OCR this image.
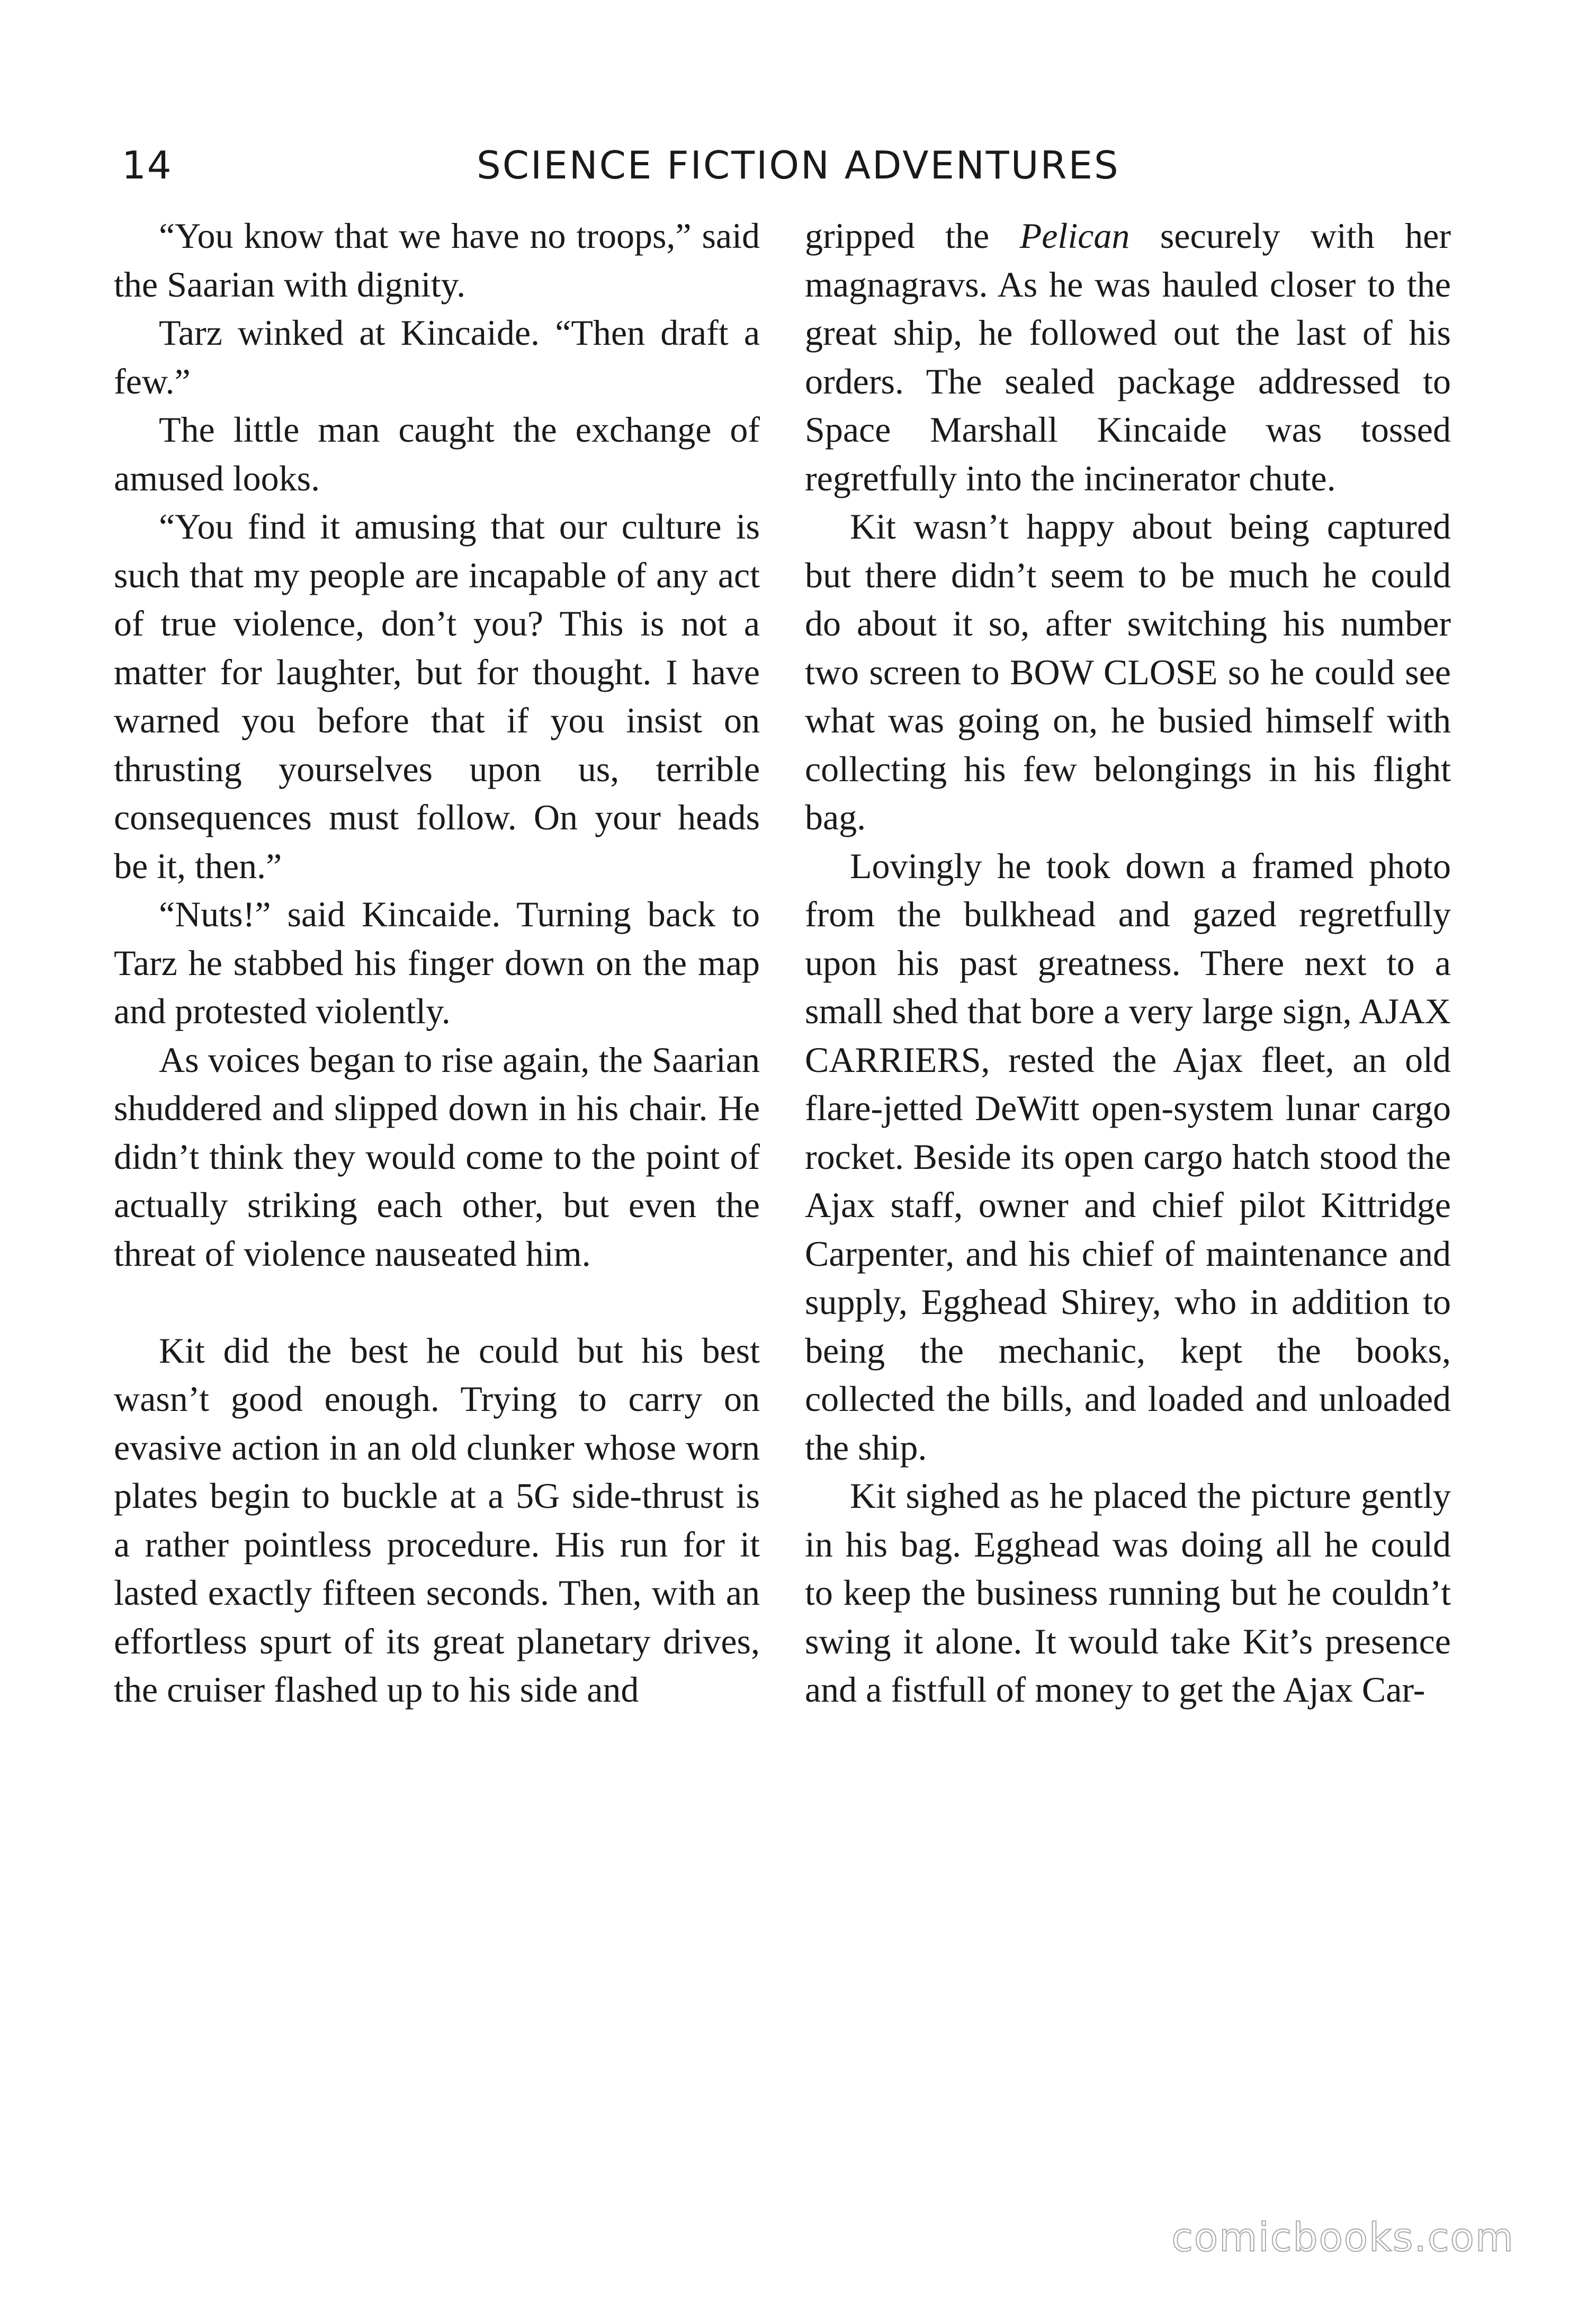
14	SCIENCE FICTION ADVENTURES

“You know that we have no troops,” said the Saarian with dignity.

Tarz winked at Kincaide. “Then draft a few.”

The little man caught the exchange of amused looks.

“You find it amusing that our culture is such that my people are incapable of any act of true violence, don’t you? This is not a matter for laughter, but for thought. I have warned you before that if you insist on thrusting yourselves upon us, terrible consequences must follow. On your heads be it, then.”

“Nuts!” said Kincaide. Turning back to Tarz he stabbed his finger down on the map and protested violently.

As voices began to rise again, the Saarian shuddered and slipped down in his chair. He didn’t think they would come to the point of actually striking each other, but even the threat of violence nauseated him.

Kit did the best he could but his best wasn’t good enough. Trying to carry on evasive action in an old clunker whose worn plates begin to buckle at a 5G side-thrust is a rather pointless procedure. His run for it lasted exactly fifteen seconds. Then, with an effortless spurt of its great planetary drives, the cruiser flashed up to his side and

gripped the Pelican securely with her magnagravs. As he was hauled closer to the great ship, he followed out the last of his orders. The sealed package addressed to Space Marshall Kincaide was tossed regretfully into the incinerator chute.

Kit wasn’t happy about being captured but there didn’t seem to be much he could do about it so, after switching his number two screen to BOW CLOSE so he could see what was going on, he busied himself with collecting his few belongings in his flight bag.

Lovingly he took down a framed photo from the bulkhead and gazed regretfully upon his past greatness. There next to a small shed that bore a very large sign, AJAX CARRIERS, rested the Ajax fleet, an old flare-jetted DeWitt open-system lunar cargo rocket. Beside its open cargo hatch stood the Ajax staff, owner and chief pilot Kittridge Carpenter, and his chief of maintenance and supply, Egghead Shirey, who in addition to being the mechanic, kept the books, collected the bills, and loaded and unloaded the ship.

Kit sighed as he placed the picture gently in his bag. Egghead was doing all he could to keep the business running but he couldn’t swing it alone. It would take Kit’s presence and a fistfull of money to get the Ajax Car-

comicbooks.com
